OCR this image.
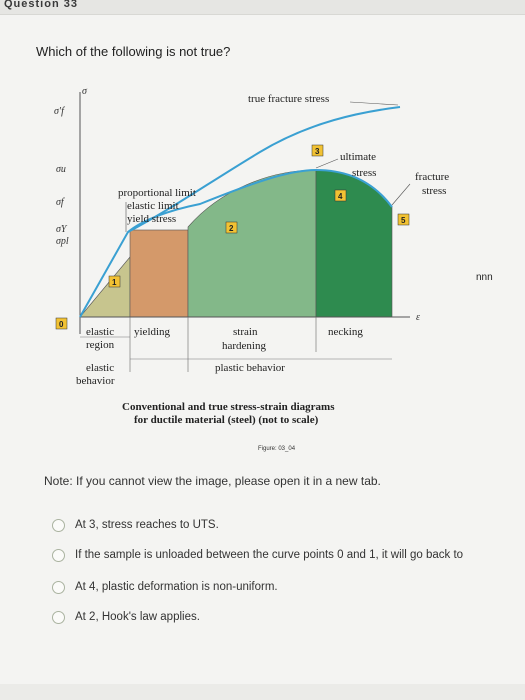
Question 33
Which of the following is not true?
σ
σ'f
σu
σf
σY
σpl
ε
true fracture stress
ultimate
stress	fracture
stress
proportional limit
elastic limit
yield stress
nnn
0
1
2
3
4
5
elastic
region
yielding	strain
hardening
necking
elastic
behavior
plastic behavior
Conventional and true stress-strain diagrams
for ductile material (steel) (not to scale)
Figure: 03_04
Note: If you cannot view the image, please open it in a new tab.
At 3, stress reaches to UTS.
If the sample is unloaded between the curve points 0 and 1, it will go back to
At 4, plastic deformation is non-uniform.
At 2, Hook's law applies.
